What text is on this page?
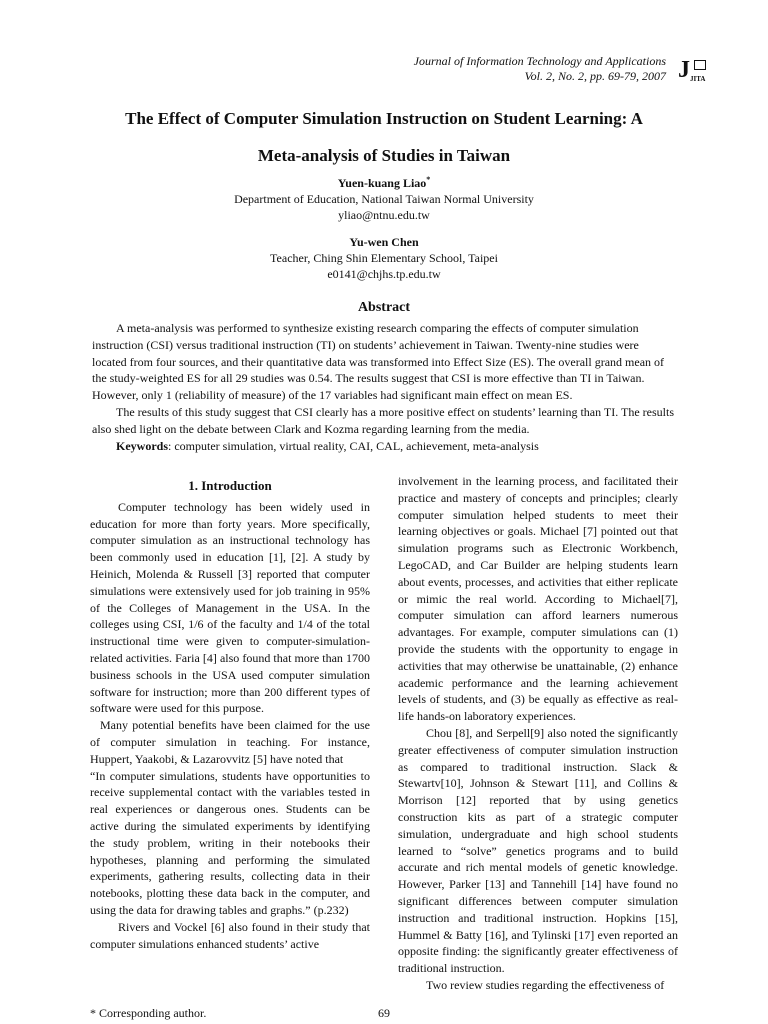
Journal of Information Technology and Applications
Vol. 2, No. 2, pp. 69-79, 2007 J JITA
The Effect of Computer Simulation Instruction on Student Learning: A
Meta-analysis of Studies in Taiwan
Yuen-kuang Liao*
Department of Education, National Taiwan Normal University
yliao@ntnu.edu.tw
Yu-wen Chen
Teacher, Ching Shin Elementary School, Taipei
e0141@chjhs.tp.edu.tw
Abstract

A meta-analysis was performed to synthesize existing research comparing the effects of computer simulation instruction (CSI) versus traditional instruction (TI) on students’ achievement in Taiwan. Twenty-nine studies were located from four sources, and their quantitative data was transformed into Effect Size (ES). The overall grand mean of the study-weighted ES for all 29 studies was 0.54. The results suggest that CSI is more effective than TI in Taiwan. However, only 1 (reliability of measure) of the 17 variables had significant main effect on mean ES.

The results of this study suggest that CSI clearly has a more positive effect on students’ learning than TI. The results also shed light on the debate between Clark and Kozma regarding learning from the media.

Keywords: computer simulation, virtual reality, CAI, CAL, achievement, meta-analysis

1. Introduction

Computer technology has been widely used in education for more than forty years. More specifically, computer simulation as an instructional technology has been commonly used in education [1], [2]. A study by Heinich, Molenda & Russell [3] reported that computer simulations were extensively used for job training in 95% of the Colleges of Management in the USA. In the colleges using CSI, 1/6 of the faculty and 1/4 of the total instructional time were given to computer-simulation-related activities. Faria [4] also found that more than 1700 business schools in the USA used computer simulation software for instruction; more than 200 different types of software were used for this purpose.

Many potential benefits have been claimed for the use of computer simulation in teaching. For instance, Huppert, Yaakobi, & Lazarovvitz [5] have noted that

“In computer simulations, students have opportunities to receive supplemental contact with the variables tested in real experiences or dangerous ones. Students can be active during the simulated experiments by identifying the study problem, writing in their notebooks their hypotheses, planning and performing the simulated experiments, gathering results, collecting data in their notebooks, plotting these data back in the computer, and using the data for drawing tables and graphs.” (p.232)

Rivers and Vockel [6] also found in their study that computer simulations enhanced students’ active

involvement in the learning process, and facilitated their practice and mastery of concepts and principles; clearly computer simulation helped students to meet their learning objectives or goals. Michael [7] pointed out that simulation programs such as Electronic Workbench, LegoCAD, and Car Builder are helping students learn about events, processes, and activities that either replicate or mimic the real world. According to Michael[7], computer simulation can afford learners numerous advantages. For example, computer simulations can (1) provide the students with the opportunity to engage in activities that may otherwise be unattainable, (2) enhance academic performance and the learning achievement levels of students, and (3) be equally as effective as real-life hands-on laboratory experiences.

Chou [8], and Serpell[9] also noted the significantly greater effectiveness of computer simulation instruction as compared to traditional instruction. Slack & Stewartv[10], Johnson & Stewart [11], and Collins & Morrison [12] reported that by using genetics construction kits as part of a strategic computer simulation, undergraduate and high school students learned to “solve” genetics programs and to build accurate and rich mental models of genetic knowledge. However, Parker [13] and Tannehill [14] have found no significant differences between computer simulation instruction and traditional instruction. Hopkins [15], Hummel & Batty [16], and Tylinski [17] even reported an opposite finding: the significantly greater effectiveness of traditional instruction.

Two review studies regarding the effectiveness of

* Corresponding author.	69
